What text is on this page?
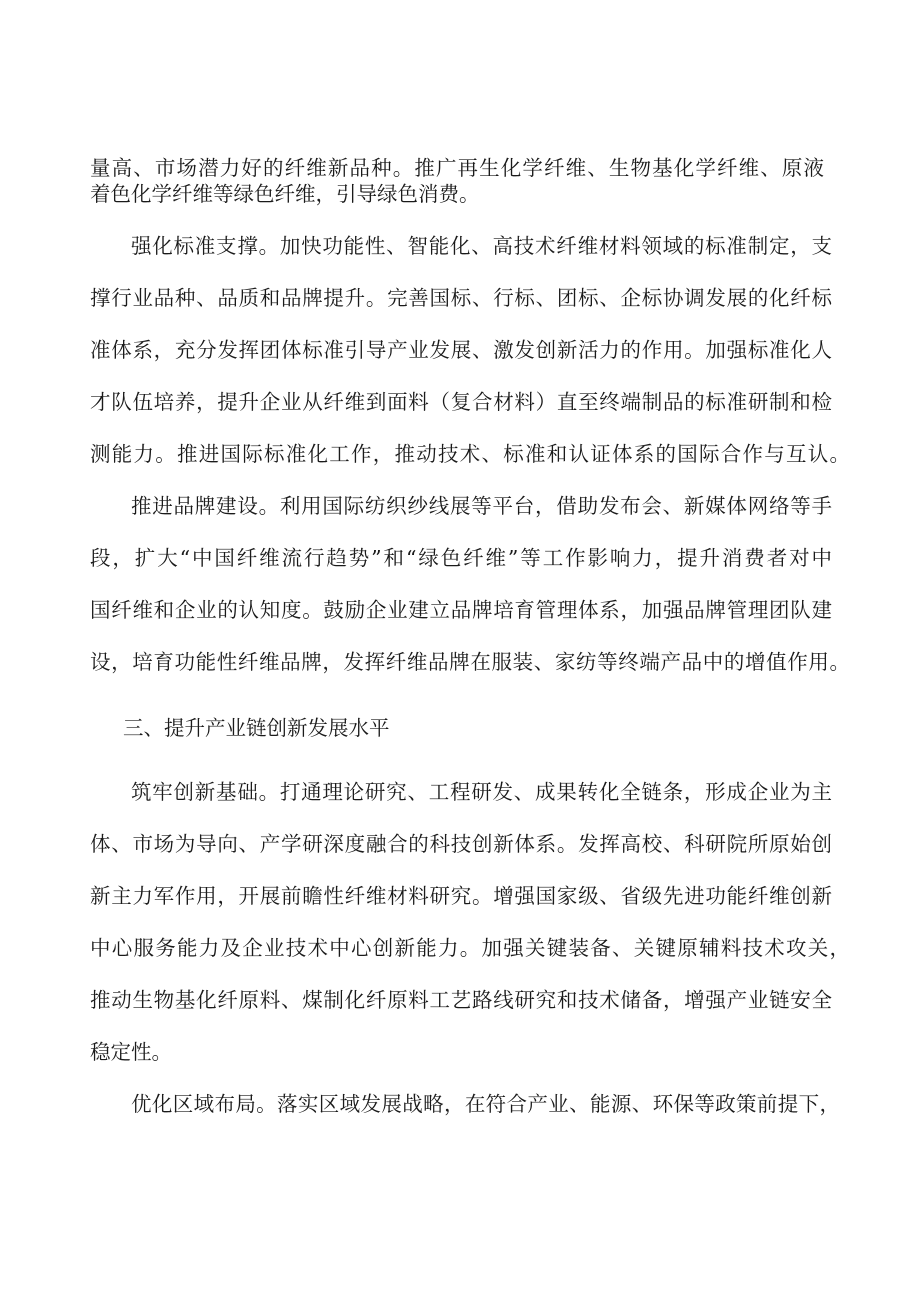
量高、市场潜力好的纤维新品种。推广再生化学纤维、生物基化学纤维、原液
着色化学纤维等绿色纤维，引导绿色消费。
强化标准支撑。加快功能性、智能化、高技术纤维材料领域的标准制定，支
撑行业品种、品质和品牌提升。完善国标、行标、团标、企标协调发展的化纤标
准体系，充分发挥团体标准引导产业发展、激发创新活力的作用。加强标准化人
才队伍培养，提升企业从纤维到面料（复合材料）直至终端制品的标准研制和检
测能力。推进国际标准化工作，推动技术、标准和认证体系的国际合作与互认。
推进品牌建设。利用国际纺织纱线展等平台，借助发布会、新媒体网络等手
段，扩大“中国纤维流行趋势”和“绿色纤维”等工作影响力，提升消费者对中
国纤维和企业的认知度。鼓励企业建立品牌培育管理体系，加强品牌管理团队建
设，培育功能性纤维品牌，发挥纤维品牌在服装、家纺等终端产品中的增值作用。
三、提升产业链创新发展水平
筑牢创新基础。打通理论研究、工程研发、成果转化全链条，形成企业为主
体、市场为导向、产学研深度融合的科技创新体系。发挥高校、科研院所原始创
新主力军作用，开展前瞻性纤维材料研究。增强国家级、省级先进功能纤维创新
中心服务能力及企业技术中心创新能力。加强关键装备、关键原辅料技术攻关，
推动生物基化纤原料、煤制化纤原料工艺路线研究和技术储备，增强产业链安全
稳定性。
优化区域布局。落实区域发展战略，在符合产业、能源、环保等政策前提下，
